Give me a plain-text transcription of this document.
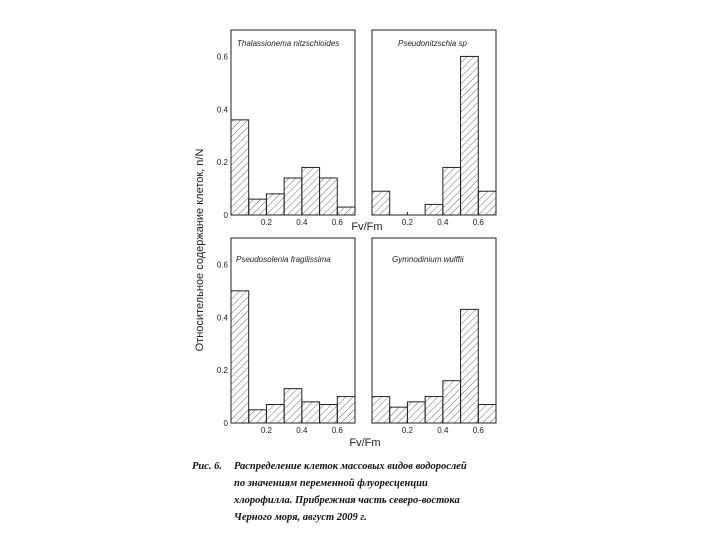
Thalassionema nitzschioides
0.2	0.4	0.6
0
0.2
0.4
0.6
Pseudonitzschia sp
0.2	0.4	0.6
Pseudosolenia fragilissima
0.2	0.4	0.6
0
0.2
0.4
0.6
Gymnodinium wulffii
0.2	0.4	0.6
Относительное содержание клеток, n/N	Fv/Fm
Fv/Fm
Рис. 6. Распределение клеток массовых видов водорослей
по значениям переменной флуоресценции
хлорофилла. Прибрежная часть северо-востока
Черного моря, август 2009 г.
